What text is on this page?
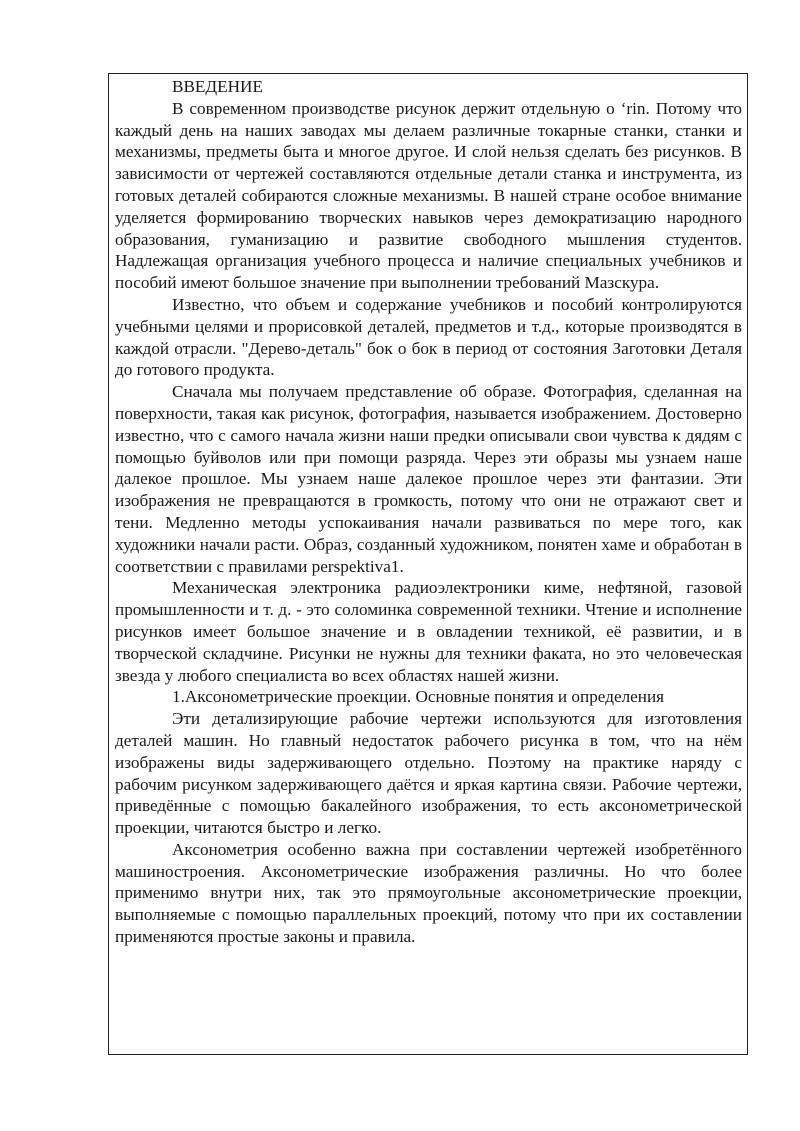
ВВЕДЕНИЕ

В современном производстве рисунок держит отдельную о ‘rin. Потому что каждый день на наших заводах мы делаем различные токарные станки, станки и механизмы, предметы быта и многое другое. И слой нельзя сделать без рисунков. В зависимости от чертежей составляются отдельные детали станка и инструмента, из готовых деталей собираются сложные механизмы. В нашей стране особое внимание уделяется формированию творческих навыков через демократизацию народного образования, гуманизацию и развитие свободного мышления студентов. Надлежащая организация учебного процесса и наличие специальных учебников и пособий имеют большое значение при выполнении требований Мазскура.

Известно, что объем и содержание учебников и пособий контролируются учебными целями и прорисовкой деталей, предметов и т.д., которые производятся в каждой отрасли. "Дерево-деталь" бок о бок в период от состояния Заготовки Деталя до готового продукта.

Сначала мы получаем представление об образе. Фотография, сделанная на поверхности, такая как рисунок, фотография, называется изображением. Достоверно известно, что с самого начала жизни наши предки описывали свои чувства к дядям с помощью буйволов или при помощи разряда. Через эти образы мы узнаем наше далекое прошлое. Мы узнаем наше далекое прошлое через эти фантазии. Эти изображения не превращаются в громкость, потому что они не отражают свет и тени. Медленно методы успокаивания начали развиваться по мере того, как художники начали расти. Образ, созданный художником, понятен хаме и обработан в соответствии с правилами perspektiva1.

Механическая электроника радиоэлектроники киме, нефтяной, газовой промышленности и т. д. - это соломинка современной техники. Чтение и исполнение рисунков имеет большое значение и в овладении техникой, её развитии, и в творческой складчине. Рисунки не нужны для техники факата, но это человеческая звезда у любого специалиста во всех областях нашей жизни.

1.Аксонометрические проекции. Основные понятия и определения

Эти детализирующие рабочие чертежи используются для изготовления деталей машин. Но главный недостаток рабочего рисунка в том, что на нём изображены виды задерживающего отдельно. Поэтому на практике наряду с рабочим рисунком задерживающего даётся и яркая картина связи. Рабочие чертежи, приведённые с помощью бакалейного изображения, то есть аксонометрической проекции, читаются быстро и легко.

Аксонометрия особенно важна при составлении чертежей изобретённого машиностроения. Аксонометрические изображения различны. Но что более применимо внутри них, так это прямоугольные аксонометрические проекции, выполняемые с помощью параллельных проекций, потому что при их составлении применяются простые законы и правила.
